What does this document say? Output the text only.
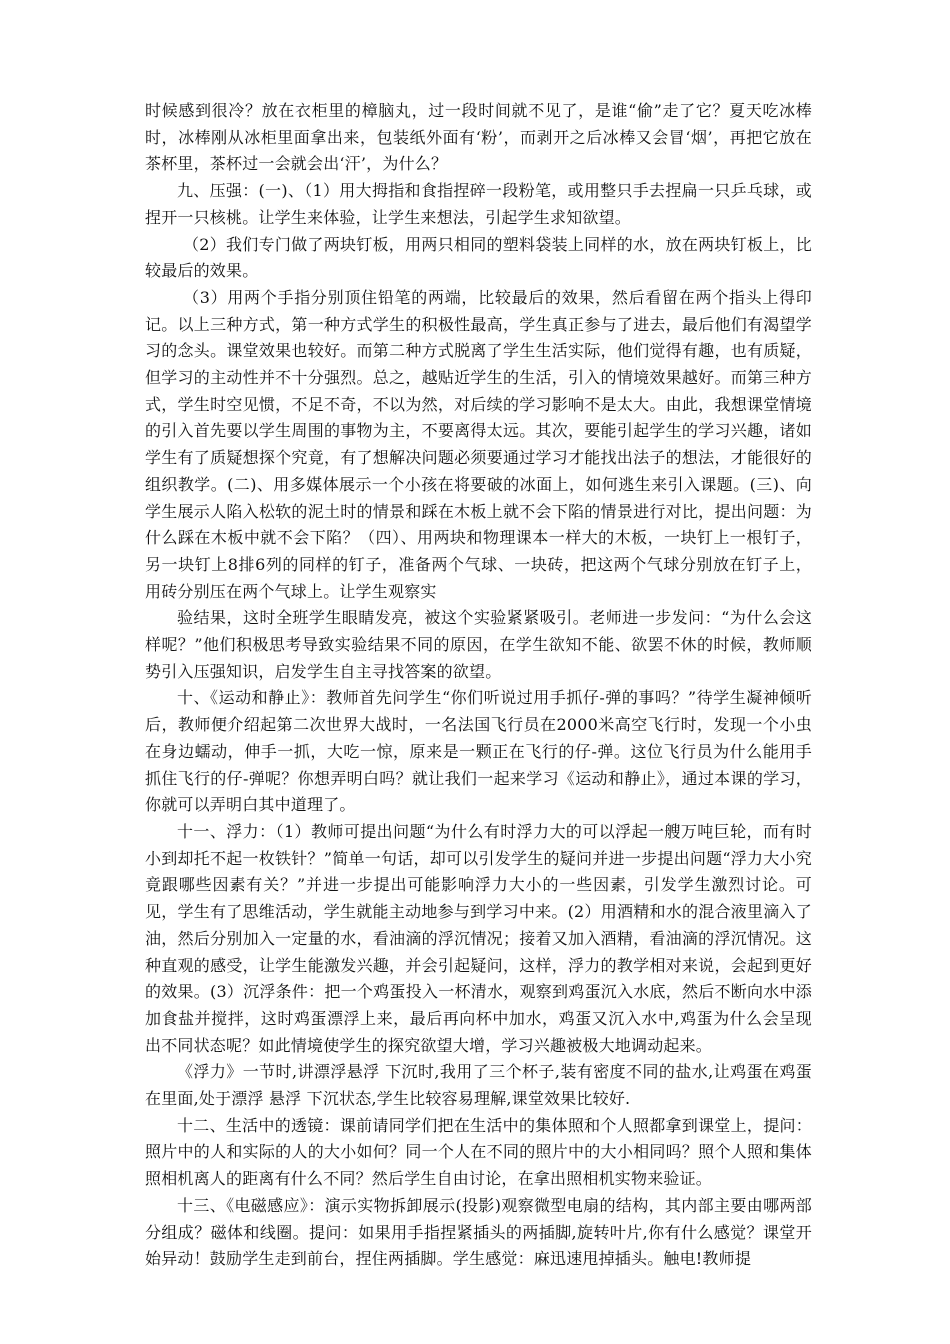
时候感到很冷？放在衣柜里的樟脑丸，过一段时间就不见了，是谁“偷”走了它？夏天吃冰棒时，冰棒刚从冰柜里面拿出来，包装纸外面有‘粉’，而剥开之后冰棒又会冒‘烟’，再把它放在茶杯里，茶杯过一会就会出‘汗’，为什么？

九、压强：(一)、（1）用大拇指和食指捏碎一段粉笔，或用整只手去捏扁一只乒乓球，或捏开一只核桃。让学生来体验，让学生来想法，引起学生求知欲望。

（2）我们专门做了两块钉板，用两只相同的塑料袋装上同样的水，放在两块钉板上，比较最后的效果。

（3）用两个手指分别顶住铅笔的两端，比较最后的效果，然后看留在两个指头上得印记。以上三种方式，第一种方式学生的积极性最高，学生真正参与了进去，最后他们有渴望学习的念头。课堂效果也较好。而第二种方式脱离了学生生活实际，他们觉得有趣，也有质疑，但学习的主动性并不十分强烈。总之，越贴近学生的生活，引入的情境效果越好。而第三种方式，学生时空见惯，不足不奇，不以为然，对后续的学习影响不是太大。由此，我想课堂情境的引入首先要以学生周围的事物为主，不要离得太远。其次，要能引起学生的学习兴趣，诸如学生有了质疑想探个究竟，有了想解决问题必须要通过学习才能找出法子的想法，才能很好的组织教学。(二)、用多媒体展示一个小孩在将要破的冰面上，如何逃生来引入课题。(三)、向学生展示人陷入松软的泥土时的情景和踩在木板上就不会下陷的情景进行对比，提出问题：为什么踩在木板中就不会下陷？（四）、用两块和物理课本一样大的木板，一块钉上一根钉子，另一块钉上8排6列的同样的钉子，准备两个气球、一块砖，把这两个气球分别放在钉子上，用砖分别压在两个气球上。让学生观察实

验结果，这时全班学生眼睛发亮，被这个实验紧紧吸引。老师进一步发问：“为什么会这样呢？”他们积极思考导致实验结果不同的原因，在学生欲知不能、欲罢不休的时候，教师顺势引入压强知识，启发学生自主寻找答案的欲望。

十、《运动和静止》：教师首先问学生“你们听说过用手抓仔-弹的事吗？”待学生凝神倾听后，教师便介绍起第二次世界大战时，一名法国飞行员在2000米高空飞行时，发现一个小虫在身边蠕动，伸手一抓，大吃一惊，原来是一颗正在飞行的仔-弹。这位飞行员为什么能用手抓住飞行的仔-弹呢？你想弄明白吗？就让我们一起来学习《运动和静止》，通过本课的学习，你就可以弄明白其中道理了。

十一、浮力：（1）教师可提出问题“为什么有时浮力大的可以浮起一艘万吨巨轮，而有时小到却托不起一枚铁针？”简单一句话，却可以引发学生的疑问并进一步提出问题“浮力大小究竟跟哪些因素有关？”并进一步提出可能影响浮力大小的一些因素，引发学生激烈讨论。可见，学生有了思维活动，学生就能主动地参与到学习中来。(2）用酒精和水的混合液里滴入了油，然后分别加入一定量的水，看油滴的浮沉情况；接着又加入酒精，看油滴的浮沉情况。这种直观的感受，让学生能激发兴趣，并会引起疑问，这样，浮力的教学相对来说，会起到更好的效果。(3）沉浮条件：把一个鸡蛋投入一杯清水，观察到鸡蛋沉入水底，然后不断向水中添加食盐并搅拌，这时鸡蛋漂浮上来，最后再向杯中加水，鸡蛋又沉入水中,鸡蛋为什么会呈现出不同状态呢？如此情境使学生的探究欲望大增，学习兴趣被极大地调动起来。

《浮力》一节时,讲漂浮悬浮 下沉时,我用了三个杯子,装有密度不同的盐水,让鸡蛋在鸡蛋在里面,处于漂浮 悬浮 下沉状态,学生比较容易理解,课堂效果比较好.

十二、生活中的透镜：课前请同学们把在生活中的集体照和个人照都拿到课堂上，提问：照片中的人和实际的人的大小如何？同一个人在不同的照片中的大小相同吗？照个人照和集体照相机离人的距离有什么不同？然后学生自由讨论，在拿出照相机实物来验证。

十三、《电磁感应》：演示实物拆卸展示(投影)观察微型电扇的结构，其内部主要由哪两部分组成？磁体和线圈。提问：如果用手指捏紧插头的两插脚,旋转叶片,你有什么感觉？课堂开始异动！鼓励学生走到前台，捏住两插脚。学生感觉：麻迅速甩掉插头。触电!教师提
